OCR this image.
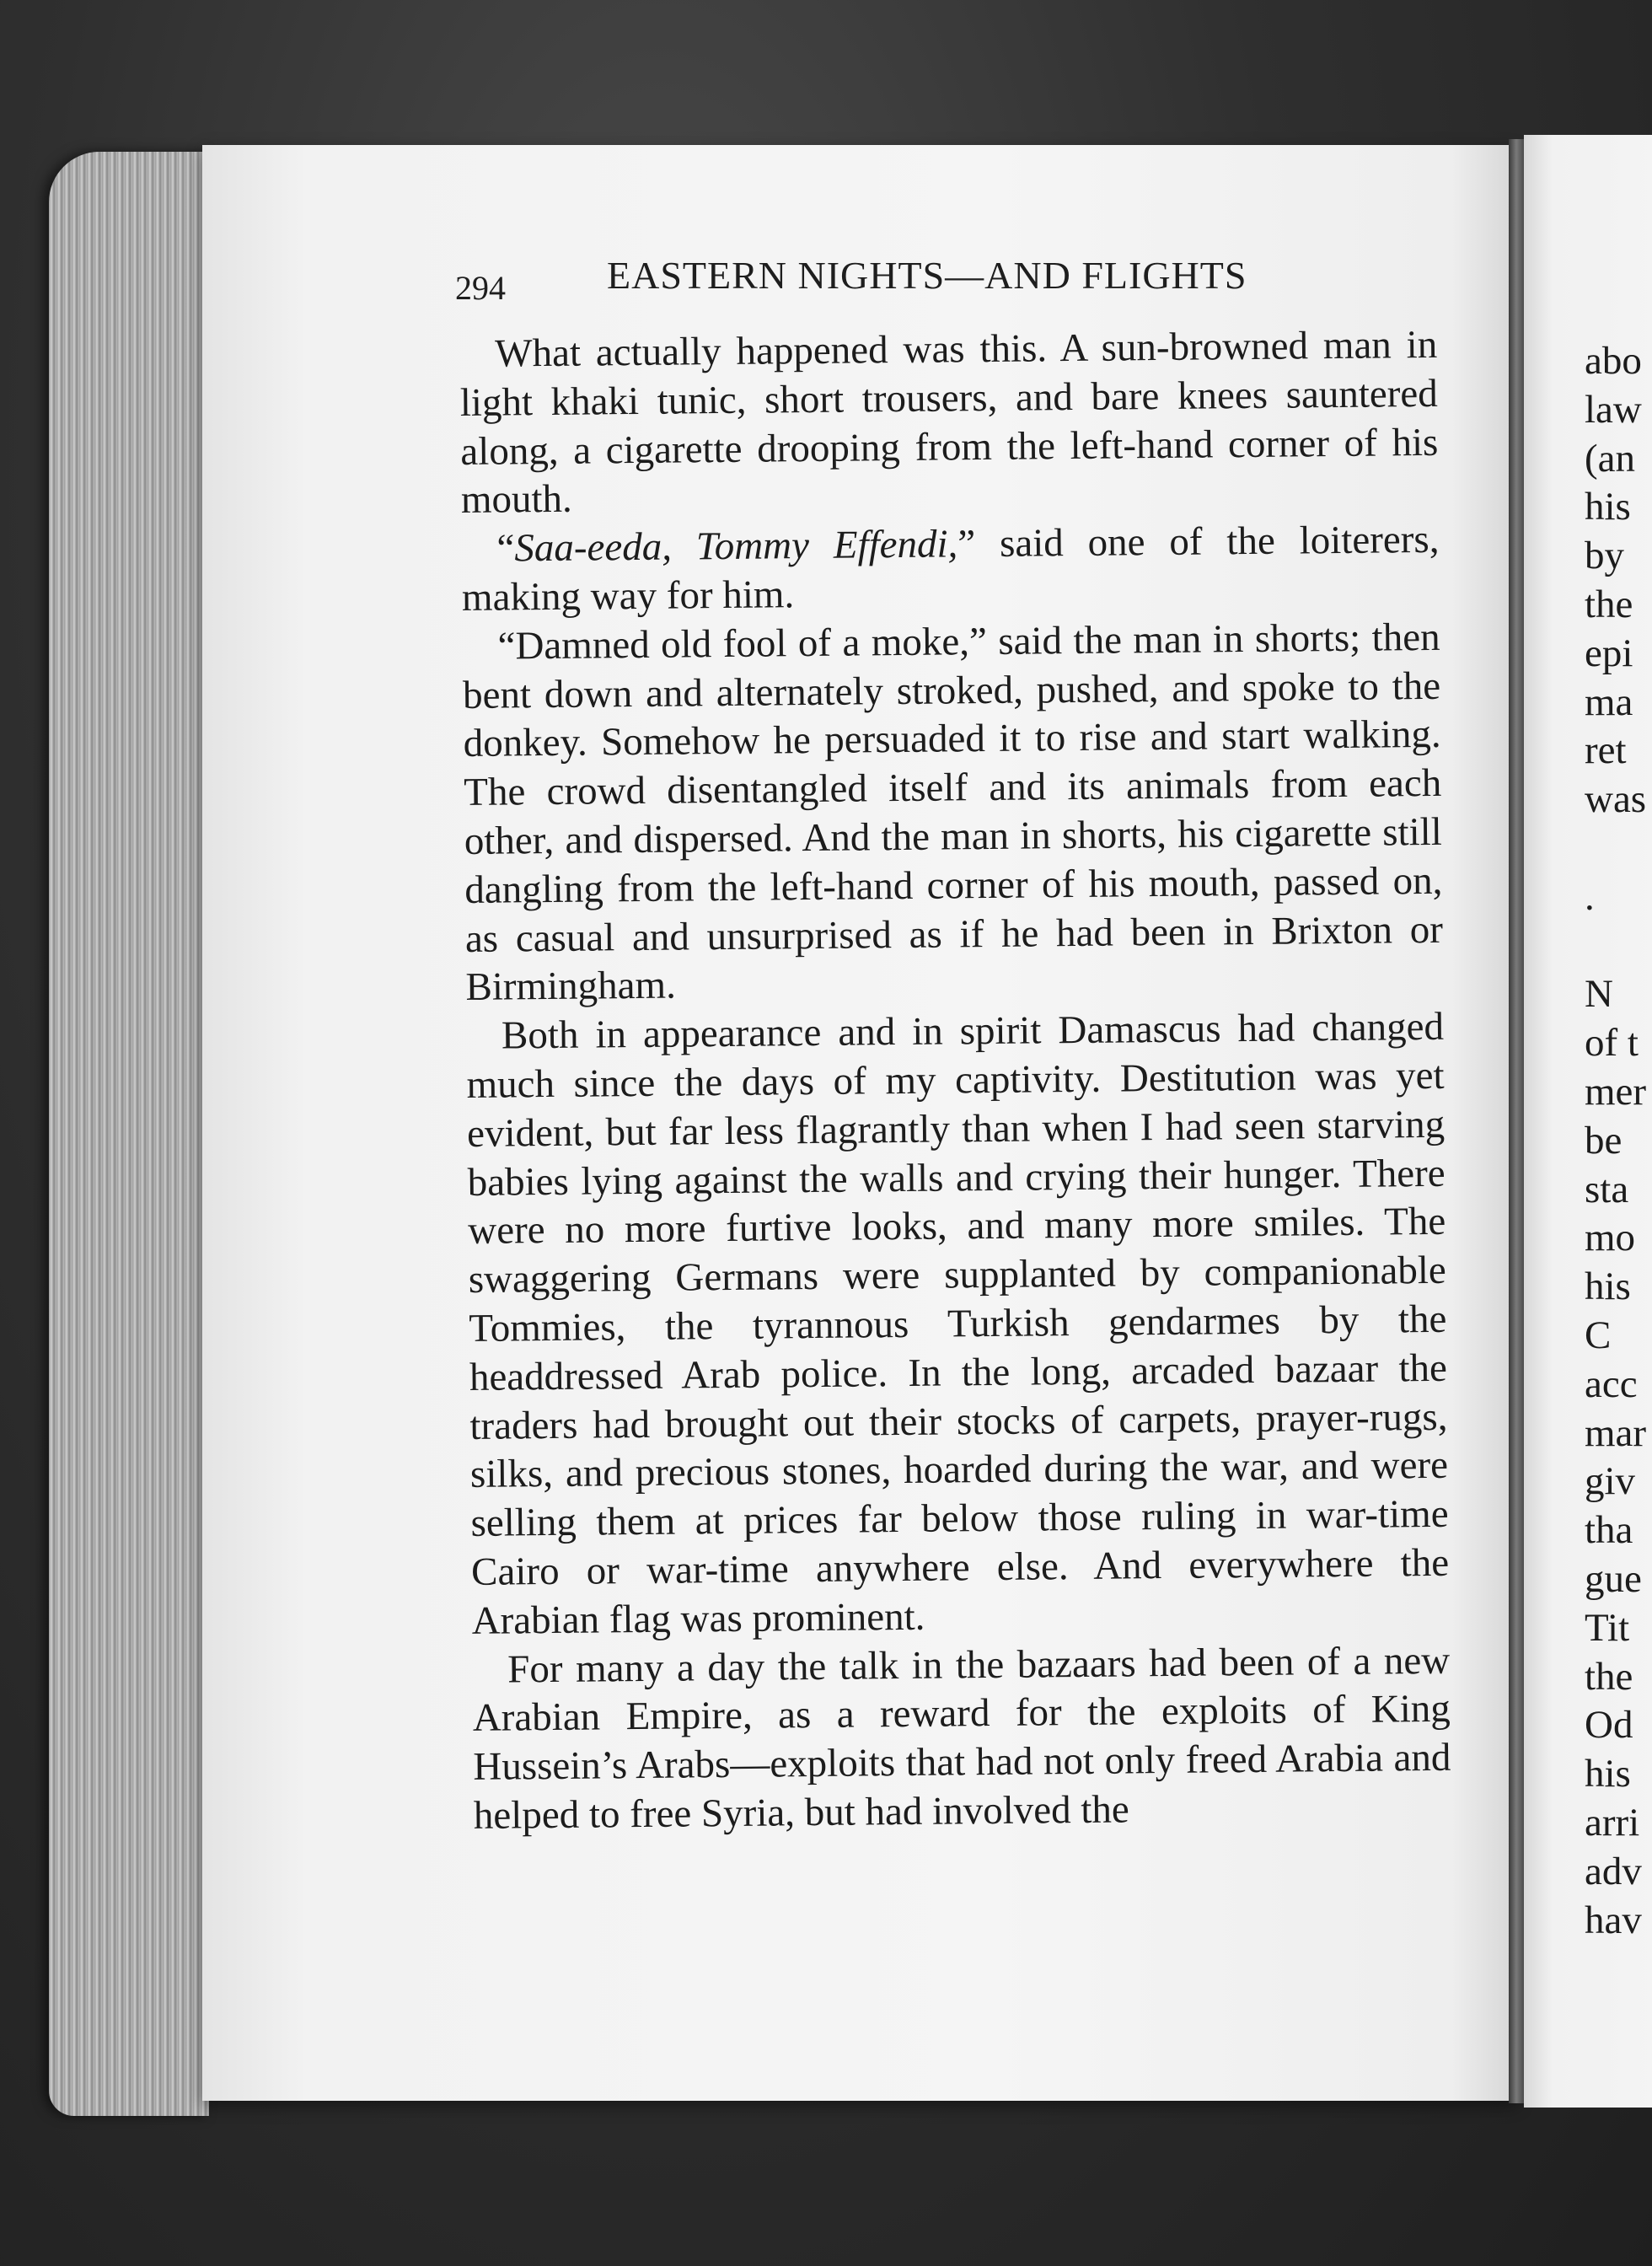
294	EASTERN NIGHTS—AND FLIGHTS

What actually happened was this. A sun-browned man in light khaki tunic, short trousers, and bare knees sauntered along, a cigarette drooping from the left-hand corner of his mouth.

“Saa-eeda, Tommy Effendi,” said one of the loiterers, making way for him.

“Damned old fool of a moke,” said the man in shorts; then bent down and alternately stroked, pushed, and spoke to the donkey. Somehow he persuaded it to rise and start walking. The crowd disentangled itself and its animals from each other, and dispersed. And the man in shorts, his cigarette still dangling from the left-hand corner of his mouth, passed on, as casual and unsurprised as if he had been in Brixton or Birmingham.

Both in appearance and in spirit Damascus had changed much since the days of my captivity. Destitution was yet evident, but far less flagrantly than when I had seen starving babies lying against the walls and crying their hunger. There were no more furtive looks, and many more smiles. The swaggering Germans were supplanted by companionable Tommies, the tyrannous Turkish gendarmes by the headdressed Arab police. In the long, arcaded bazaar the traders had brought out their stocks of carpets, prayer-rugs, silks, and precious stones, hoarded during the war, and were selling them at prices far below those ruling in war-time Cairo or war-time anywhere else. And everywhere the Arabian flag was prominent.

For many a day the talk in the bazaars had been of a new Arabian Empire, as a reward for the exploits of King Hussein’s Arabs—exploits that had not only freed Arabia and helped to free Syria, but had involved the

abo
law
(an
his
by
the
epi
ma
ret
was
.
N
of t
mer
be
sta
mo
his
C
acc
mar
giv
tha
gue
Tit
the
Od
his
arri
adv
hav
